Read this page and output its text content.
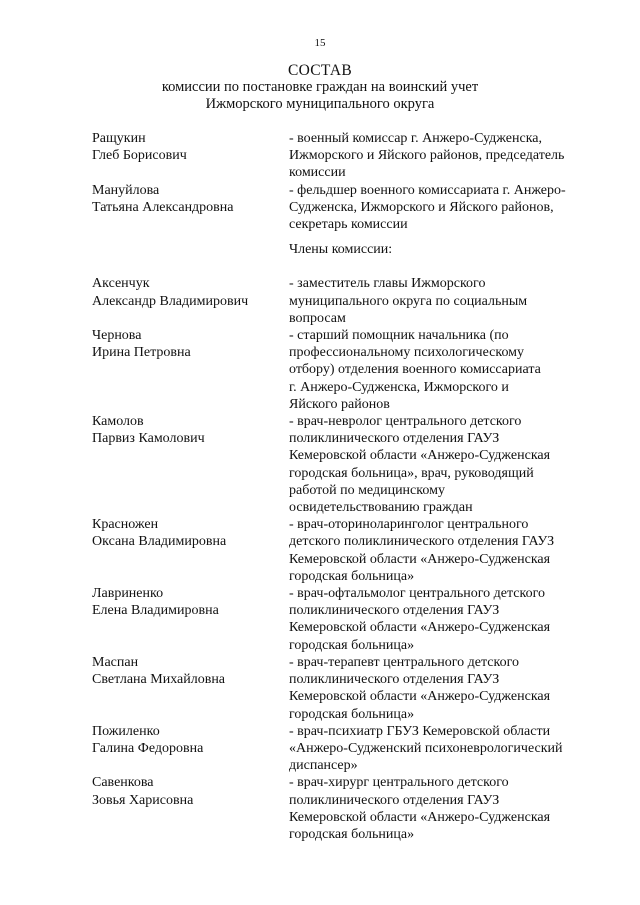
15
СОСТАВ
комиссии по постановке граждан на воинский учет
Ижморского муниципального округа
Ращукин
Глеб Борисович
- военный комиссар г. Анжеро-Судженска,
Ижморского и Яйского районов, председатель
комиссии
Мануйлова
Татьяна Александровна
- фельдшер военного комиссариата г. Анжеро-
Судженска, Ижморского и Яйского районов,
секретарь комиссии
Члены комиссии:
Аксенчук
Александр Владимирович
- заместитель главы Ижморского
муниципального округа по социальным
вопросам
Чернова
Ирина Петровна
- старший помощник начальника (по
профессиональному психологическому
отбору) отделения военного комиссариата
г. Анжеро-Судженска, Ижморского и
Яйского районов
Камолов
Парвиз Камолович
- врач-невролог центрального детского
поликлинического отделения ГАУЗ
Кемеровской области «Анжеро-Судженская
городская больница», врач, руководящий
работой по медицинскому
освидетельствованию граждан
Красножен
Оксана Владимировна
- врач-оториноларинголог центрального
детского поликлинического отделения ГАУЗ
Кемеровской области «Анжеро-Судженская
городская больница»
Лавриненко
Елена Владимировна
- врач-офтальмолог центрального детского
поликлинического отделения ГАУЗ
Кемеровской области «Анжеро-Судженская
городская больница»
Маспан
Светлана Михайловна
- врач-терапевт центрального детского
поликлинического отделения ГАУЗ
Кемеровской области «Анжеро-Судженская
городская больница»
Пожиленко
Галина Федоровна
- врач-психиатр ГБУЗ Кемеровской области
«Анжеро-Судженский психоневрологический
диспансер»
Савенкова
Зовья Харисовна
- врач-хирург центрального детского
поликлинического отделения ГАУЗ
Кемеровской области «Анжеро-Судженская
городская больница»
